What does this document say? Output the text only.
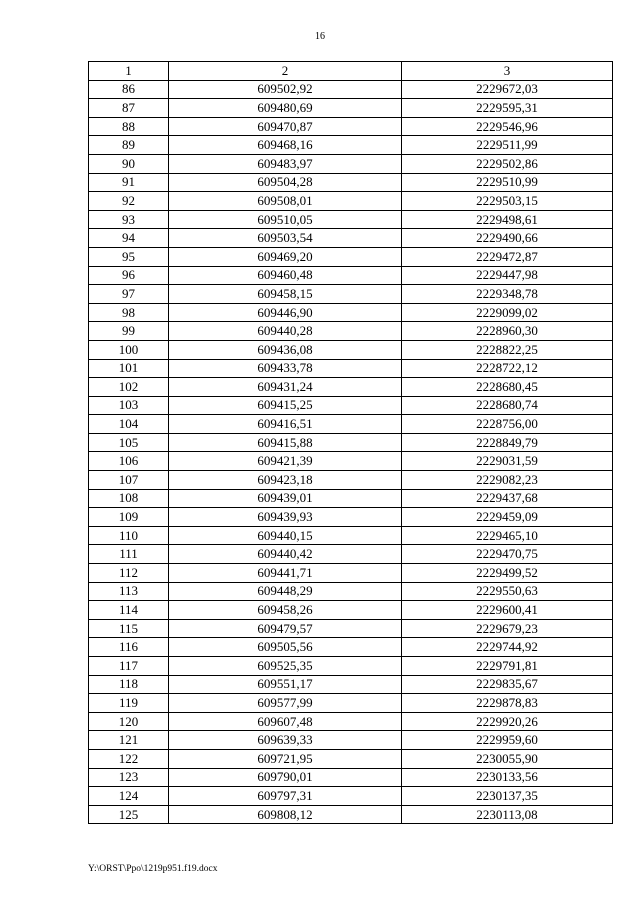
16
1	2	3
86	609502,92	2229672,03
87	609480,69	2229595,31
88	609470,87	2229546,96
89	609468,16	2229511,99
90	609483,97	2229502,86
91	609504,28	2229510,99
92	609508,01	2229503,15
93	609510,05	2229498,61
94	609503,54	2229490,66
95	609469,20	2229472,87
96	609460,48	2229447,98
97	609458,15	2229348,78
98	609446,90	2229099,02
99	609440,28	2228960,30
100	609436,08	2228822,25
101	609433,78	2228722,12
102	609431,24	2228680,45
103	609415,25	2228680,74
104	609416,51	2228756,00
105	609415,88	2228849,79
106	609421,39	2229031,59
107	609423,18	2229082,23
108	609439,01	2229437,68
109	609439,93	2229459,09
110	609440,15	2229465,10
111	609440,42	2229470,75
112	609441,71	2229499,52
113	609448,29	2229550,63
114	609458,26	2229600,41
115	609479,57	2229679,23
116	609505,56	2229744,92
117	609525,35	2229791,81
118	609551,17	2229835,67
119	609577,99	2229878,83
120	609607,48	2229920,26
121	609639,33	2229959,60
122	609721,95	2230055,90
123	609790,01	2230133,56
124	609797,31	2230137,35
125	609808,12	2230113,08
Y:\ORST\Ppo\1219p951.f19.docx
